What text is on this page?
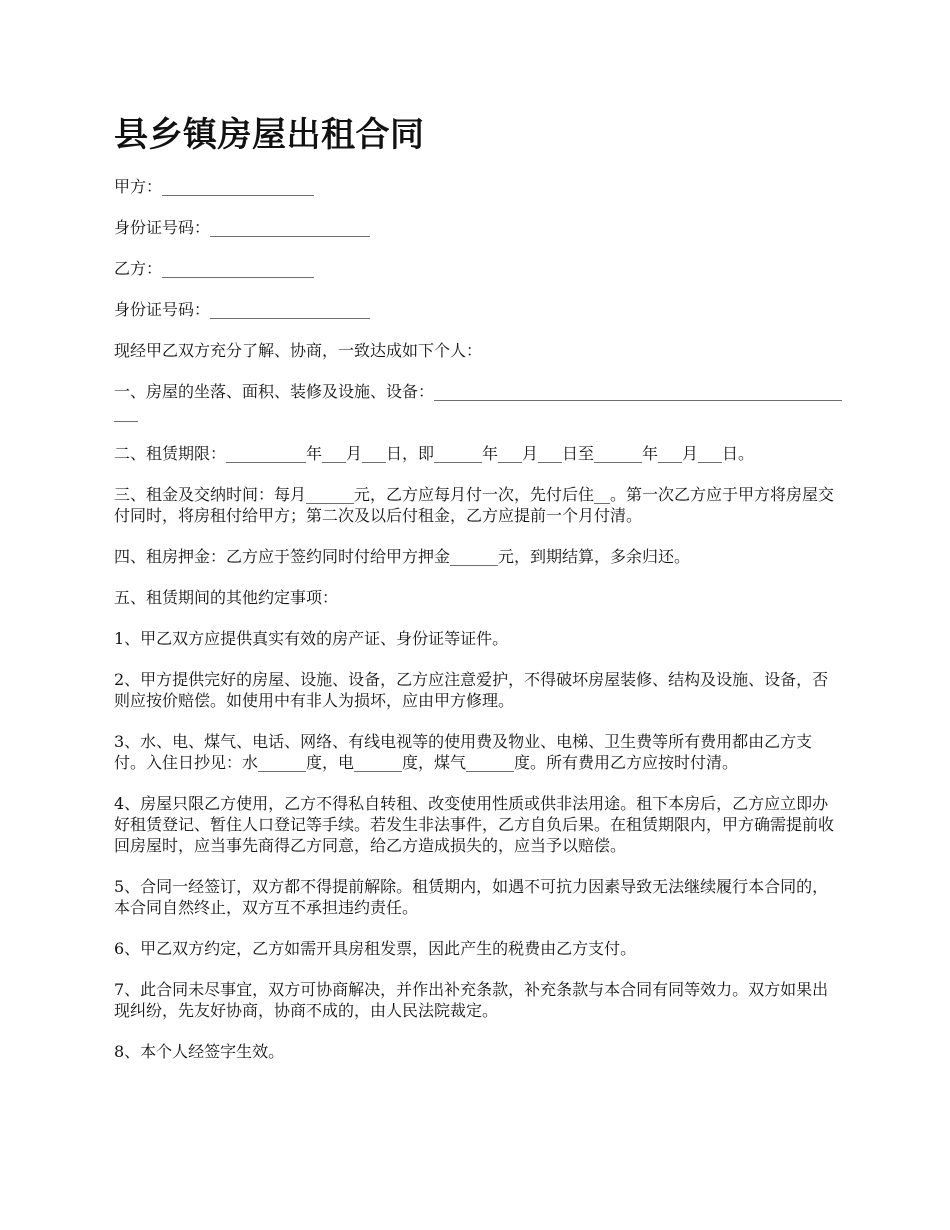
县乡镇房屋出租合同

甲方：___________________

身份证号码：____________________

乙方：___________________

身份证号码：____________________

现经甲乙双方充分了解、协商，一致达成如下个人：

一、房屋的坐落、面积、装修及设施、设备：______________________________________________________

二、租赁期限：__________年___月___日，即______年___月___日至______年___月___日。

三、租金及交纳时间：每月______元，乙方应每月付一次，先付后住__。第一次乙方应于甲方将房屋交付同时，将房租付给甲方；第二次及以后付租金，乙方应提前一个月付清。

四、租房押金：乙方应于签约同时付给甲方押金______元，到期结算，多余归还。

五、租赁期间的其他约定事项：

1、甲乙双方应提供真实有效的房产证、身份证等证件。

2、甲方提供完好的房屋、设施、设备，乙方应注意爱护，不得破坏房屋装修、结构及设施、设备，否则应按价赔偿。如使用中有非人为损坏，应由甲方修理。

3、水、电、煤气、电话、网络、有线电视等的使用费及物业、电梯、卫生费等所有费用都由乙方支付。入住日抄见：水______度，电______度，煤气______度。所有费用乙方应按时付清。

4、房屋只限乙方使用，乙方不得私自转租、改变使用性质或供非法用途。租下本房后，乙方应立即办好租赁登记、暂住人口登记等手续。若发生非法事件，乙方自负后果。在租赁期限内，甲方确需提前收回房屋时，应当事先商得乙方同意，给乙方造成损失的，应当予以赔偿。

5、合同一经签订，双方都不得提前解除。租赁期内，如遇不可抗力因素导致无法继续履行本合同的，本合同自然终止，双方互不承担违约责任。

6、甲乙双方约定，乙方如需开具房租发票，因此产生的税费由乙方支付。

7、此合同未尽事宜，双方可协商解决，并作出补充条款，补充条款与本合同有同等效力。双方如果出现纠纷，先友好协商，协商不成的，由人民法院裁定。

8、本个人经签字生效。
